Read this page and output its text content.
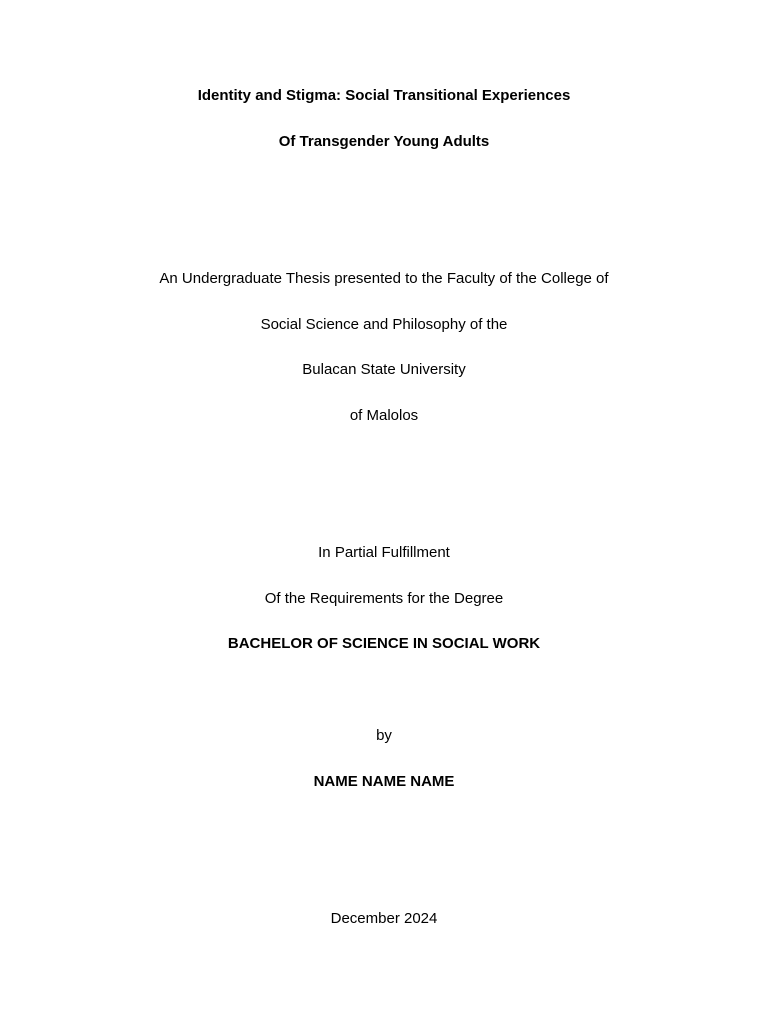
Identity and Stigma: Social Transitional Experiences
Of Transgender Young Adults
An Undergraduate Thesis presented to the Faculty of the College of
Social Science and Philosophy of the
Bulacan State University
of Malolos
In Partial Fulfillment
Of the Requirements for the Degree
BACHELOR OF SCIENCE IN SOCIAL WORK
by
NAME NAME NAME
December 2024
